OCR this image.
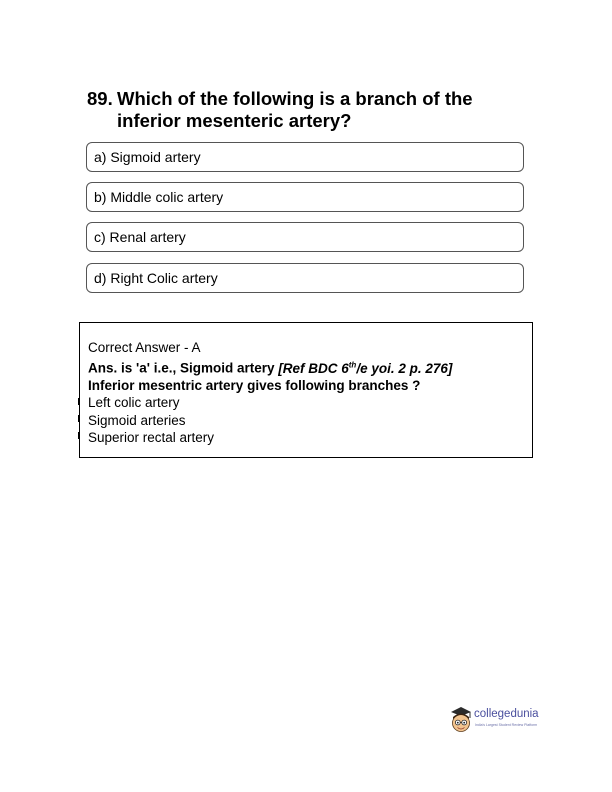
89. Which of the following is a branch of the inferior mesenteric artery?
a) Sigmoid artery
b) Middle colic artery
c) Renal artery
d) Right Colic artery
Correct Answer - A
Ans. is 'a' i.e., Sigmoid artery [Ref BDC 6th/e yoi. 2 p. 276]
Inferior mesentric artery gives following branches ?
Left colic artery
Sigmoid arteries
Superior rectal artery
collegedunia
India's Largest Student Review Platform
